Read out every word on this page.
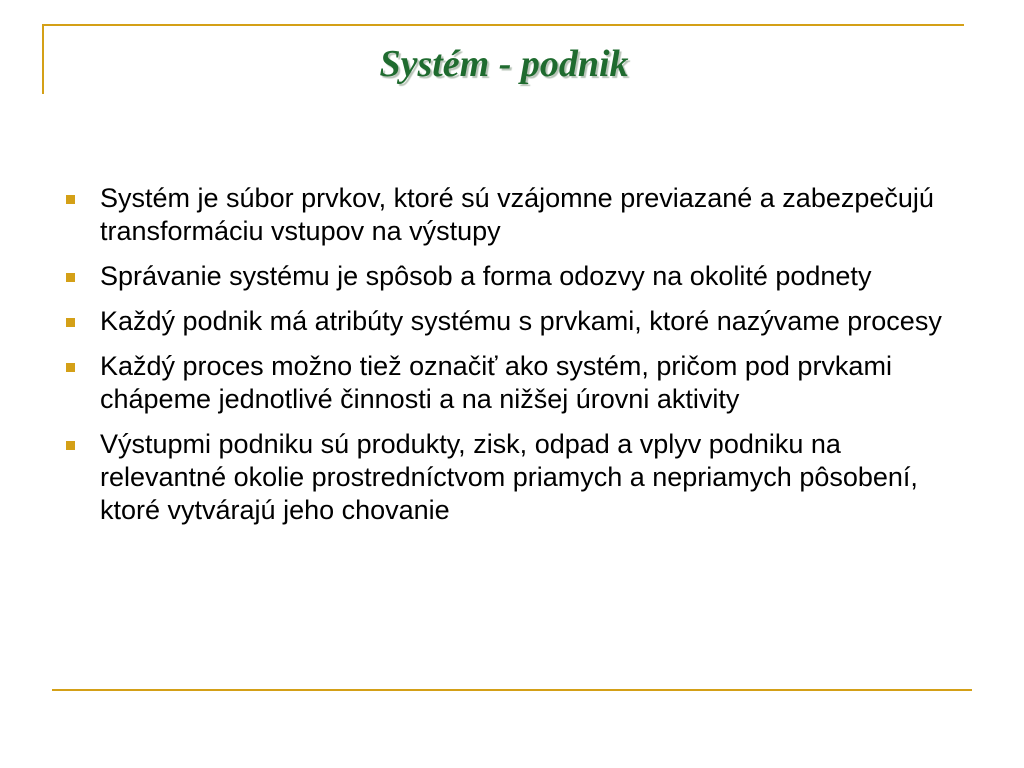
Systém - podnik
Systém je súbor prvkov, ktoré sú vzájomne previazané a zabezpečujú transformáciu vstupov na výstupy
Správanie systému je spôsob a forma odozvy na okolité podnety
Každý podnik má atribúty systému s prvkami, ktoré nazývame procesy
Každý proces možno tiež označiť ako systém, pričom pod prvkami chápeme jednotlivé činnosti a na nižšej úrovni aktivity
Výstupmi podniku sú produkty, zisk, odpad a vplyv podniku na relevantné okolie prostredníctvom priamych a nepriamych pôsobení, ktoré vytvárajú jeho chovanie
